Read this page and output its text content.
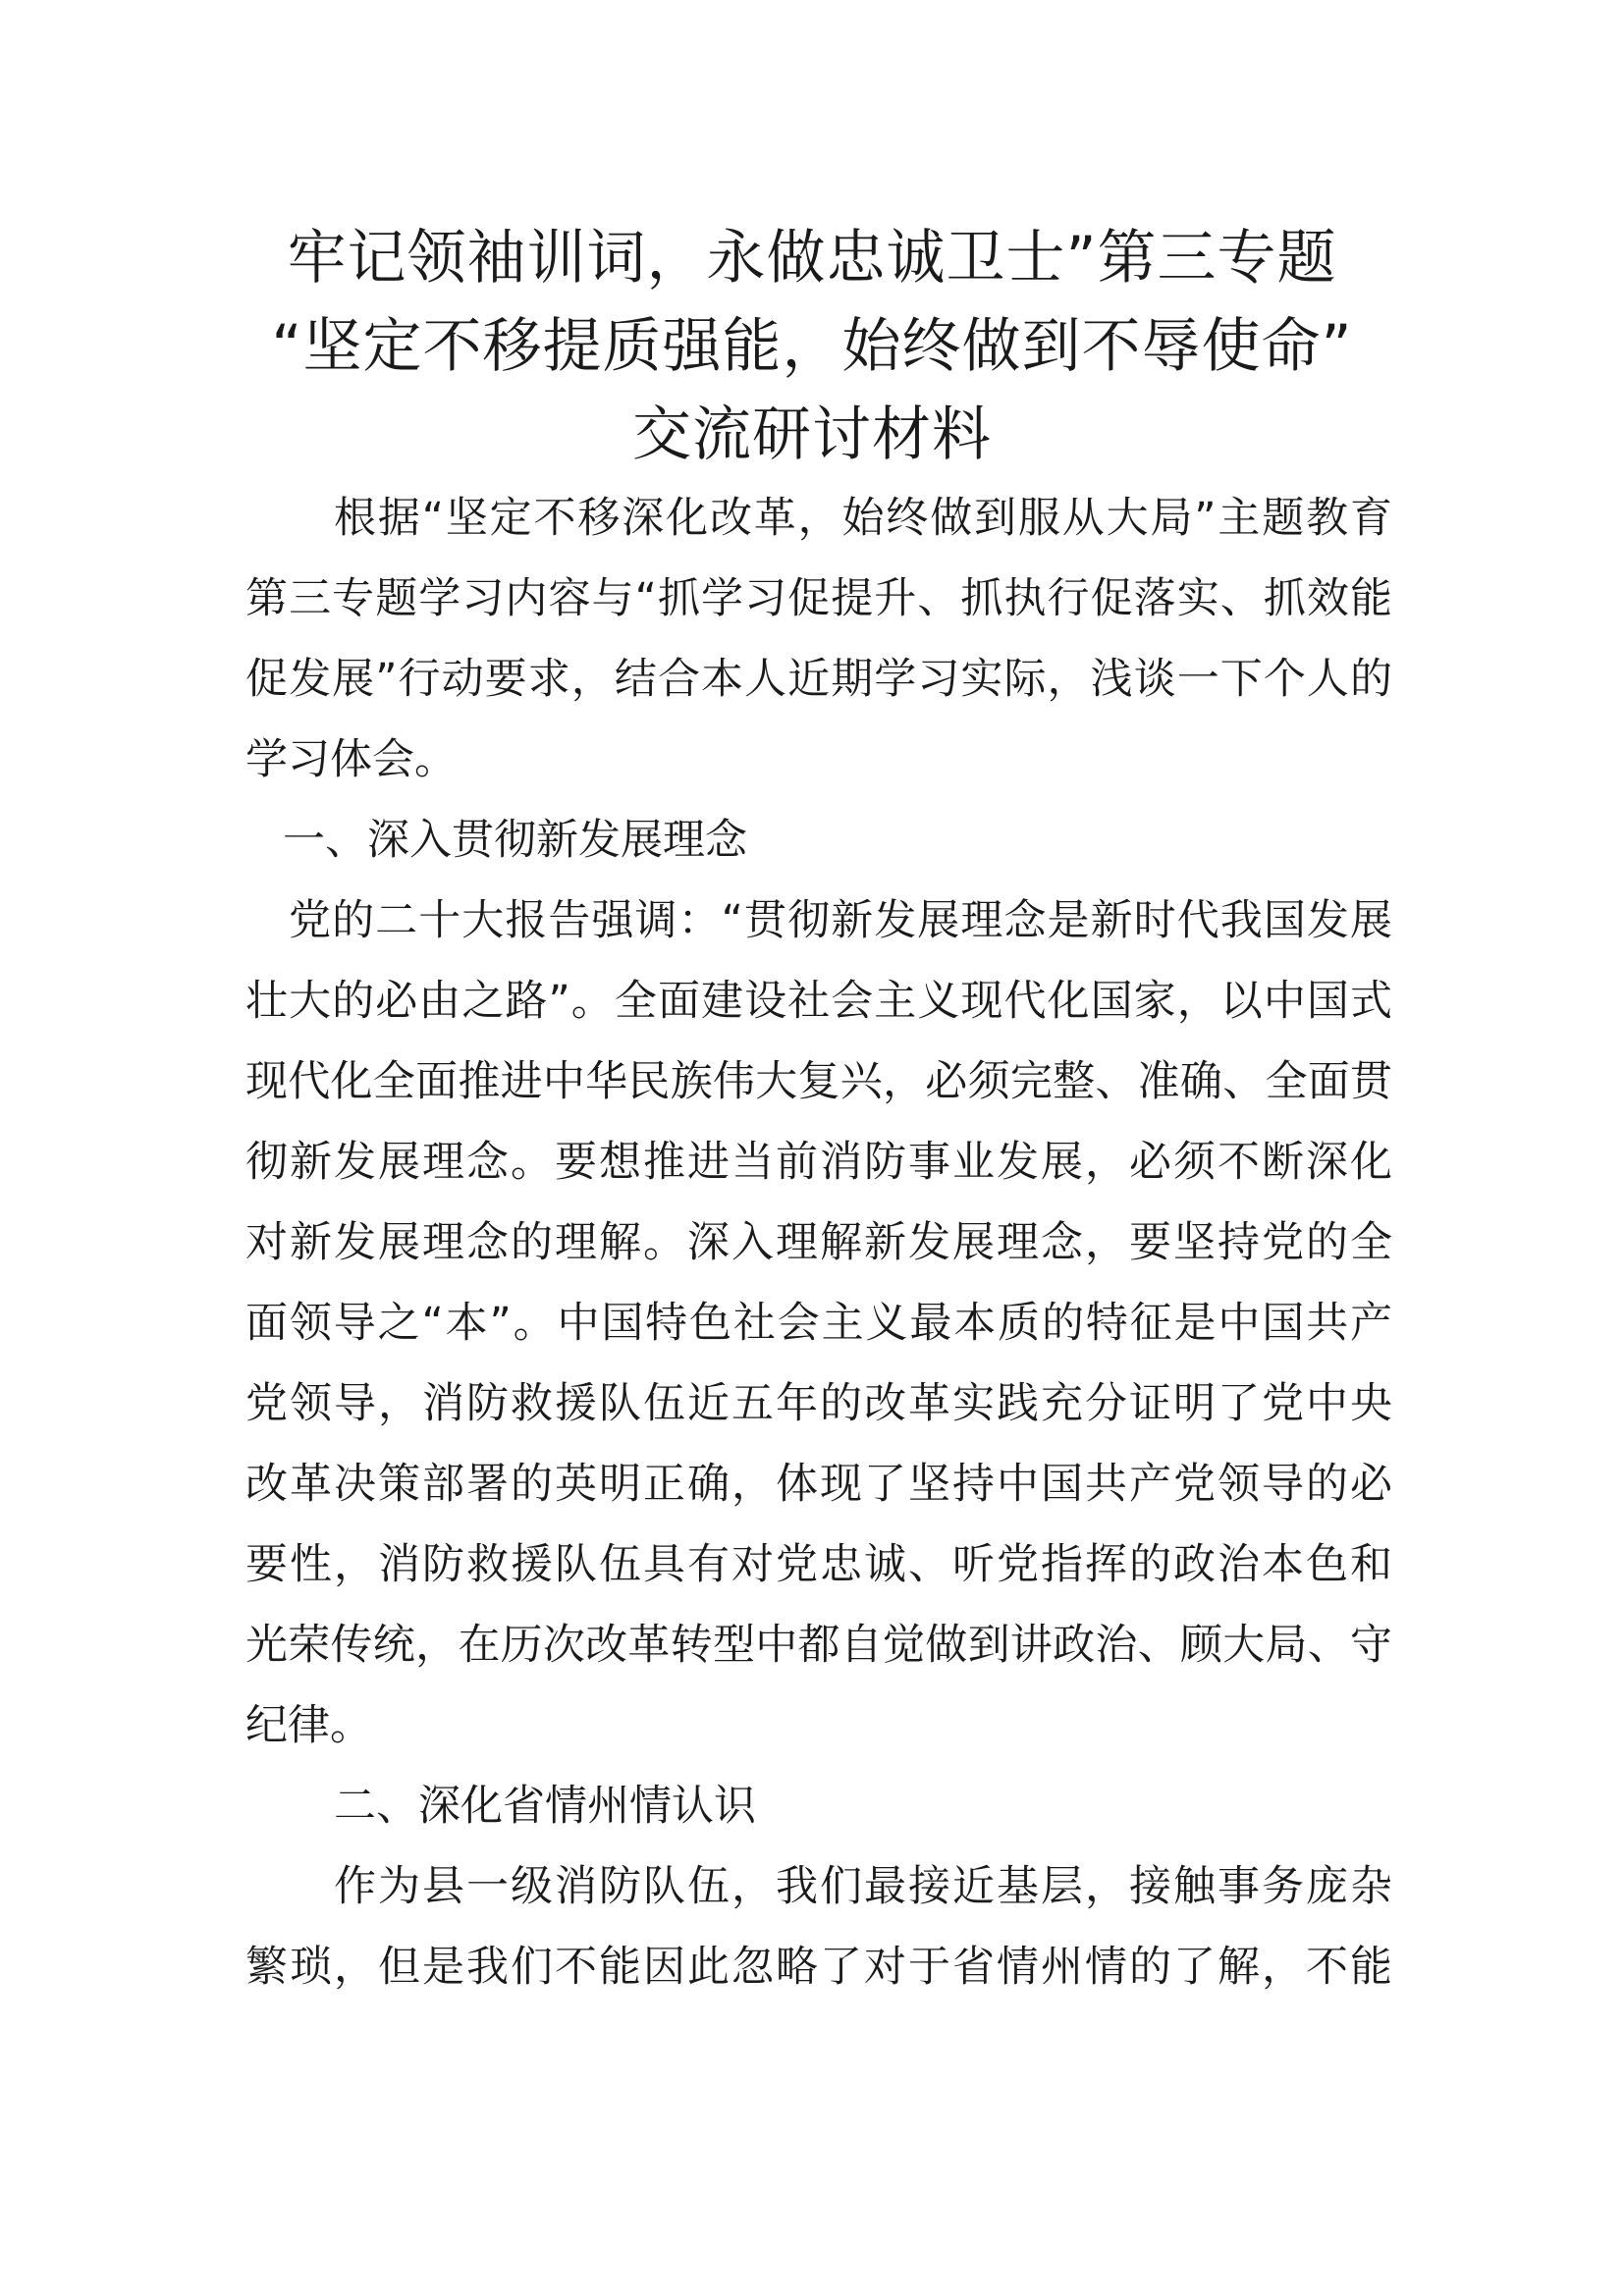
牢记领袖训词，永做忠诚卫士”第三专题
“坚定不移提质强能，始终做到不辱使命”
交流研讨材料
根据“坚定不移深化改革，始终做到服从大局”主题教育
第三专题学习内容与“抓学习促提升、抓执行促落实、抓效能
促发展”行动要求，结合本人近期学习实际，浅谈一下个人的
学习体会。
一、深入贯彻新发展理念
党的二十大报告强调：“贯彻新发展理念是新时代我国发展
壮大的必由之路”。全面建设社会主义现代化国家，以中国式
现代化全面推进中华民族伟大复兴，必须完整、准确、全面贯
彻新发展理念。要想推进当前消防事业发展，必须不断深化
对新发展理念的理解。深入理解新发展理念，要坚持党的全
面领导之“本”。中国特色社会主义最本质的特征是中国共产
党领导，消防救援队伍近五年的改革实践充分证明了党中央
改革决策部署的英明正确，体现了坚持中国共产党领导的必
要性，消防救援队伍具有对党忠诚、听党指挥的政治本色和
光荣传统，在历次改革转型中都自觉做到讲政治、顾大局、守
纪律。
二、深化省情州情认识
作为县一级消防队伍，我们最接近基层，接触事务庞杂
繁琐，但是我们不能因此忽略了对于省情州情的了解，不能
